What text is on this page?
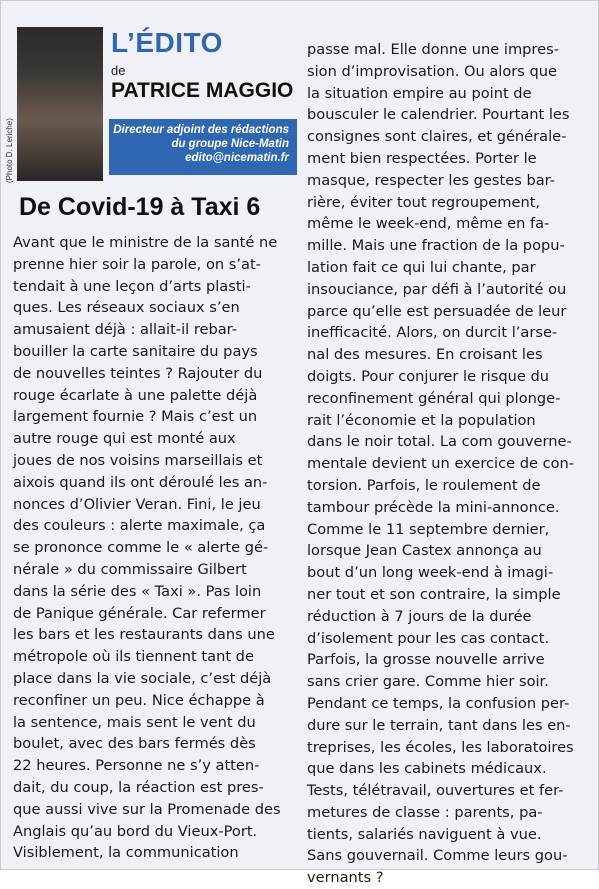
(Photo D. Leriche)
L’ÉDITO
de
PATRICE MAGGIO
Directeur adjoint des rédactions
du groupe Nice-Matin
edito@nicematin.fr
De Covid-19 à Taxi 6
Avant que le ministre de la santé ne
prenne hier soir la parole, on s’at-
tendait à une leçon d’arts plasti-
ques. Les réseaux sociaux s’en
amusaient déjà : allait-il rebar-
bouiller la carte sanitaire du pays
de nouvelles teintes ? Rajouter du
rouge écarlate à une palette déjà
largement fournie ? Mais c’est un
autre rouge qui est monté aux
joues de nos voisins marseillais et
aixois quand ils ont déroulé les an-
nonces d’Olivier Veran. Fini, le jeu
des couleurs : alerte maximale, ça
se prononce comme le « alerte gé-
nérale » du commissaire Gilbert
dans la série des « Taxi ». Pas loin
de Panique générale. Car refermer
les bars et les restaurants dans une
métropole où ils tiennent tant de
place dans la vie sociale, c’est déjà
reconfiner un peu. Nice échappe à
la sentence, mais sent le vent du
boulet, avec des bars fermés dès
22 heures. Personne ne s’y atten-
dait, du coup, la réaction est pres-
que aussi vive sur la Promenade des
Anglais qu’au bord du Vieux-Port.
Visiblement, la communication
passe mal. Elle donne une impres-
sion d’improvisation. Ou alors que
la situation empire au point de
bousculer le calendrier. Pourtant les
consignes sont claires, et générale-
ment bien respectées. Porter le
masque, respecter les gestes bar-
rière, éviter tout regroupement,
même le week-end, même en fa-
mille. Mais une fraction de la popu-
lation fait ce qui lui chante, par
insouciance, par défi à l’autorité ou
parce qu’elle est persuadée de leur
inefficacité. Alors, on durcit l’arse-
nal des mesures. En croisant les
doigts. Pour conjurer le risque du
reconfinement général qui plonge-
rait l’économie et la population
dans le noir total. La com gouverne-
mentale devient un exercice de con-
torsion. Parfois, le roulement de
tambour précède la mini-annonce.
Comme le 11 septembre dernier,
lorsque Jean Castex annonça au
bout d’un long week-end à imagi-
ner tout et son contraire, la simple
réduction à 7 jours de la durée
d’isolement pour les cas contact.
Parfois, la grosse nouvelle arrive
sans crier gare. Comme hier soir.
Pendant ce temps, la confusion per-
dure sur le terrain, tant dans les en-
treprises, les écoles, les laboratoires
que dans les cabinets médicaux.
Tests, télétravail, ouvertures et fer-
metures de classe : parents, pa-
tients, salariés naviguent à vue.
Sans gouvernail. Comme leurs gou-
vernants ?
